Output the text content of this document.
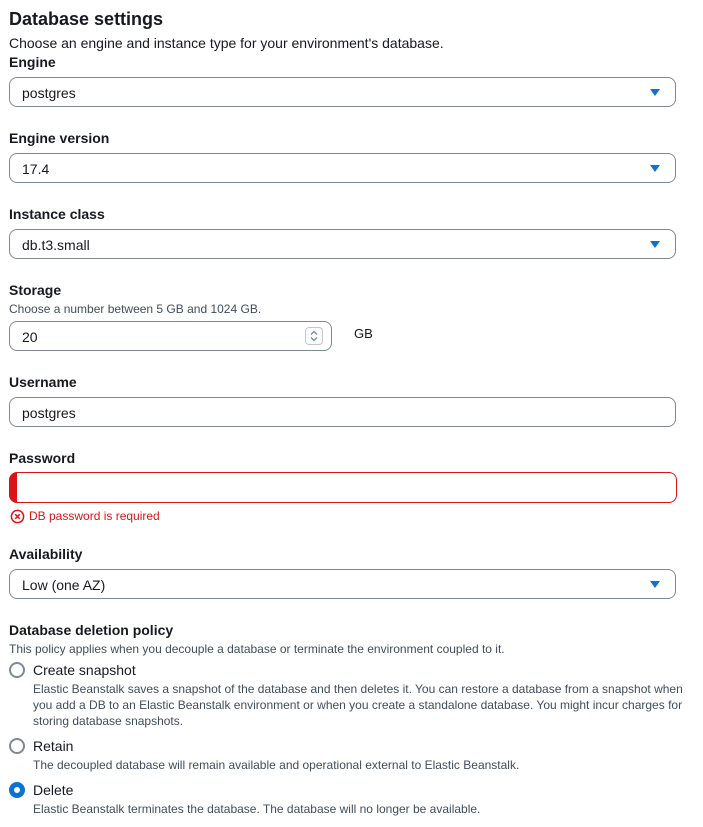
Database settings
Choose an engine and instance type for your environment's database.
Engine
postgres
Engine version
17.4
Instance class
db.t3.small
Storage
Choose a number between 5 GB and 1024 GB.
20	GB
Username
postgres
Password
DB password is required
Availability
Low (one AZ)
Database deletion policy
This policy applies when you decouple a database or terminate the environment coupled to it.
Create snapshot
Elastic Beanstalk saves a snapshot of the database and then deletes it. You can restore a database from a snapshot when you add a DB to an Elastic Beanstalk environment or when you create a standalone database. You might incur charges for storing database snapshots.
Retain
The decoupled database will remain available and operational external to Elastic Beanstalk.
Delete
Elastic Beanstalk terminates the database. The database will no longer be available.
